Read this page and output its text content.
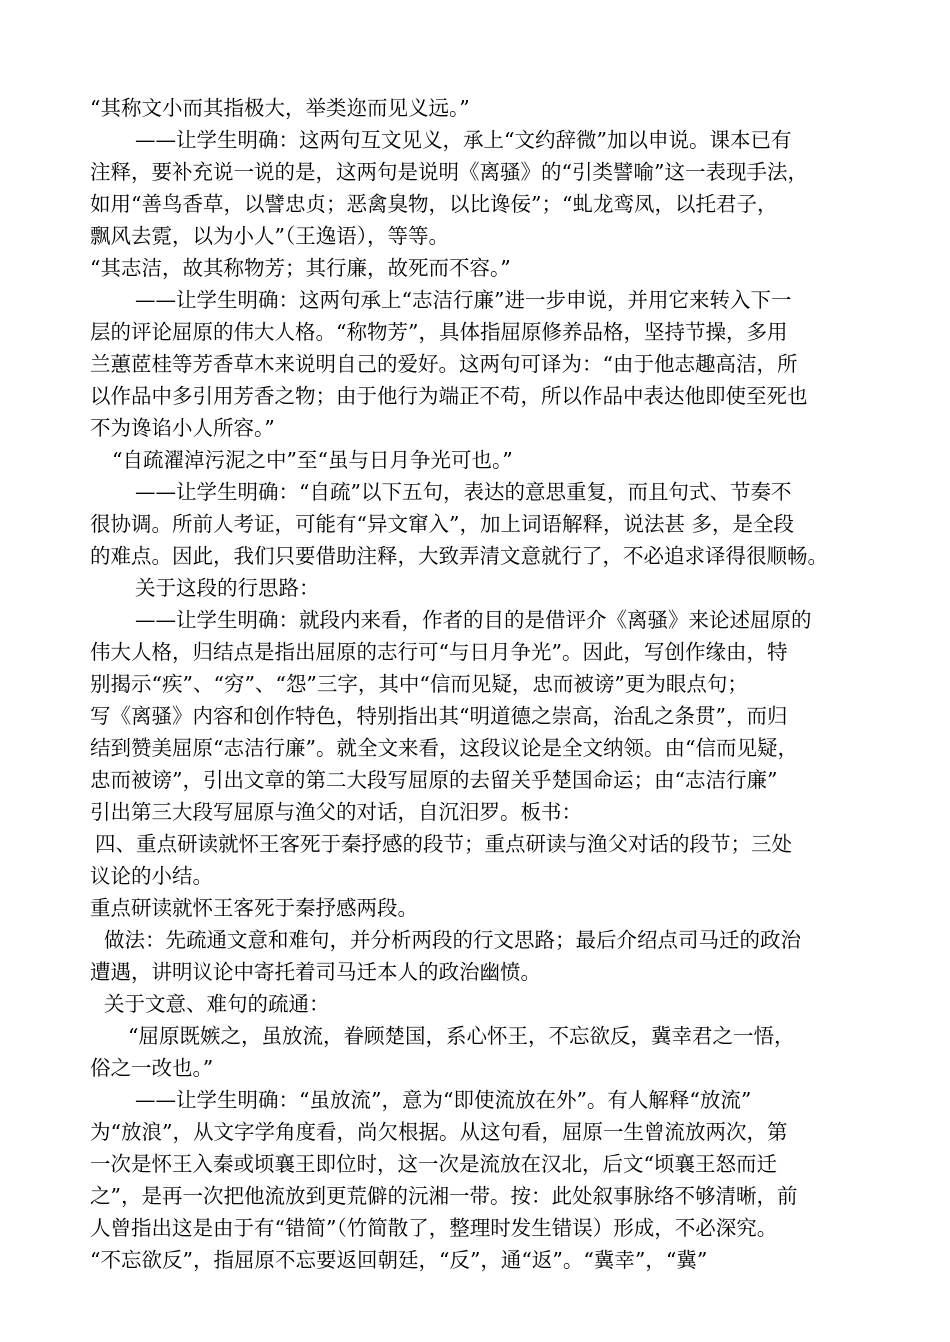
“其称文小而其指极大，举类迩而见义远。”
——让学生明确：这两句互文见义，承上“文约辞微”加以申说。课本已有
注释，要补充说一说的是，这两句是说明《离骚》的“引类譬喻”这一表现手法，
如用“善鸟香草，以譬忠贞；恶禽臭物，以比谗佞”；“虬龙鸾凤，以托君子，
飘风去霓，以为小人”（王逸语），等等。
“其志洁，故其称物芳；其行廉，故死而不容。”
——让学生明确：这两句承上“志洁行廉”进一步申说，并用它来转入下一
层的评论屈原的伟大人格。“称物芳”，具体指屈原修养品格，坚持节操，多用
兰蕙茝桂等芳香草木来说明自己的爱好。这两句可译为：“由于他志趣高洁，所
以作品中多引用芳香之物；由于他行为端正不苟，所以作品中表达他即使至死也
不为谗谄小人所容。”
“自疏濯淖污泥之中”至“虽与日月争光可也。”
——让学生明确：“自疏”以下五句，表达的意思重复，而且句式、节奏不
很协调。所前人考证，可能有“异文窜入”，加上词语解释，说法甚 多，是全段
的难点。因此，我们只要借助注释，大致弄清文意就行了，不必追求译得很顺畅。
关于这段的行思路：
——让学生明确：就段内来看，作者的目的是借评介《离骚》来论述屈原的
伟大人格，归结点是指出屈原的志行可“与日月争光”。因此，写创作缘由，特
别揭示“疾”、“穷”、“怨”三字，其中“信而见疑，忠而被谤”更为眼点句；
写《离骚》内容和创作特色，特别指出其“明道德之崇高，治乱之条贯”，而归
结到赞美屈原“志洁行廉”。就全文来看，这段议论是全文纳领。由“信而见疑，
忠而被谤”，引出文章的第二大段写屈原的去留关乎楚国命运；由“志洁行廉”
引出第三大段写屈原与渔父的对话，自沉汨罗。板书：
四、重点研读就怀王客死于秦抒感的段节；重点研读与渔父对话的段节；三处
议论的小结。
重点研读就怀王客死于秦抒感两段。
做法：先疏通文意和难句，并分析两段的行文思路；最后介绍点司马迁的政治
遭遇，讲明议论中寄托着司马迁本人的政治幽愤。
关于文意、难句的疏通：
“屈原既嫉之，虽放流，眷顾楚国，系心怀王，不忘欲反，冀幸君之一悟，
俗之一改也。”
——让学生明确：“虽放流”，意为“即使流放在外”。有人解释“放流”
为“放浪”，从文字学角度看，尚欠根据。从这句看，屈原一生曾流放两次，第
一次是怀王入秦或顷襄王即位时，这一次是流放在汉北，后文“顷襄王怒而迁
之”，是再一次把他流放到更荒僻的沅湘一带。按：此处叙事脉络不够清晰，前
人曾指出这是由于有“错简”（竹简散了，整理时发生错误）形成，不必深究。
“不忘欲反”，指屈原不忘要返回朝廷，“反”，通“返”。“冀幸”，“冀”
